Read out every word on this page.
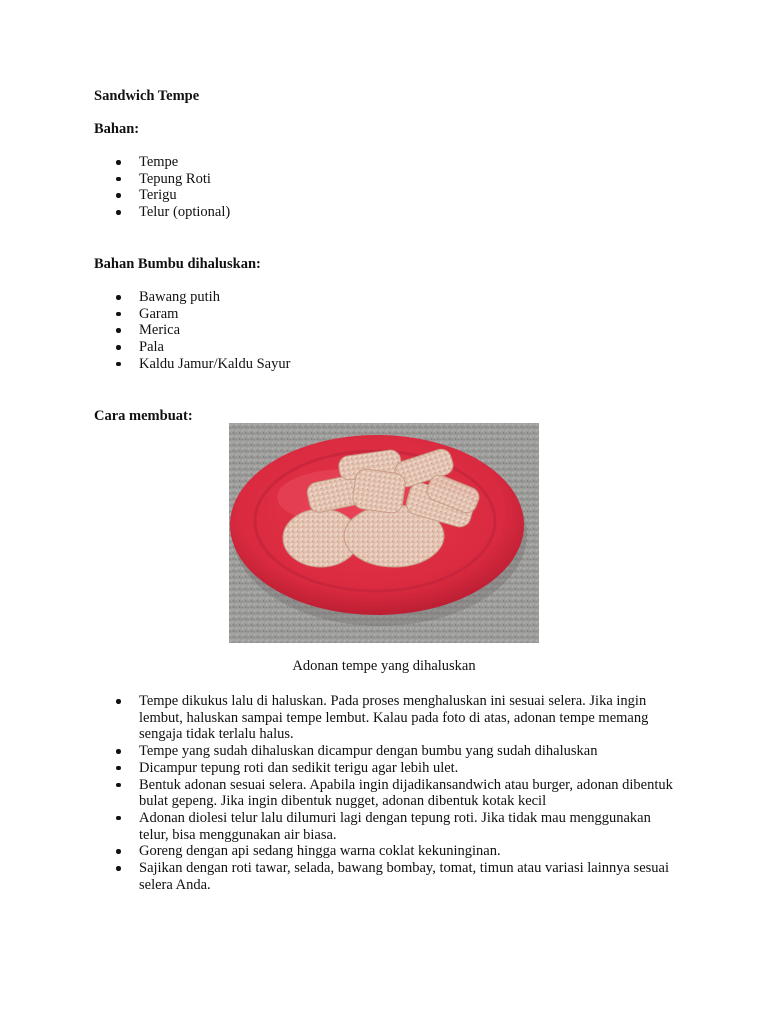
Sandwich Tempe

Bahan:

Tempe
Tepung Roti
Terigu
Telur (optional)

Bahan Bumbu dihaluskan:

Bawang putih
Garam
Merica
Pala
Kaldu Jamur/Kaldu Sayur

Cara membuat:

Adonan tempe yang dihaluskan

Tempe dikukus lalu di haluskan. Pada proses menghaluskan ini sesuai selera. Jika ingin lembut, haluskan sampai tempe lembut. Kalau pada foto di atas, adonan tempe memang sengaja tidak terlalu halus.
Tempe yang sudah dihaluskan dicampur dengan bumbu yang sudah dihaluskan
Dicampur tepung roti dan sedikit terigu agar lebih ulet.
Bentuk adonan sesuai selera. Apabila ingin dijadikansandwich atau burger, adonan dibentuk bulat gepeng. Jika ingin dibentuk nugget, adonan dibentuk kotak kecil
Adonan diolesi telur lalu dilumuri lagi dengan tepung roti. Jika tidak mau menggunakan telur, bisa menggunakan air biasa.
Goreng dengan api sedang hingga warna coklat kekuninginan.
Sajikan dengan roti tawar, selada, bawang bombay, tomat, timun atau variasi lainnya sesuai selera Anda.
